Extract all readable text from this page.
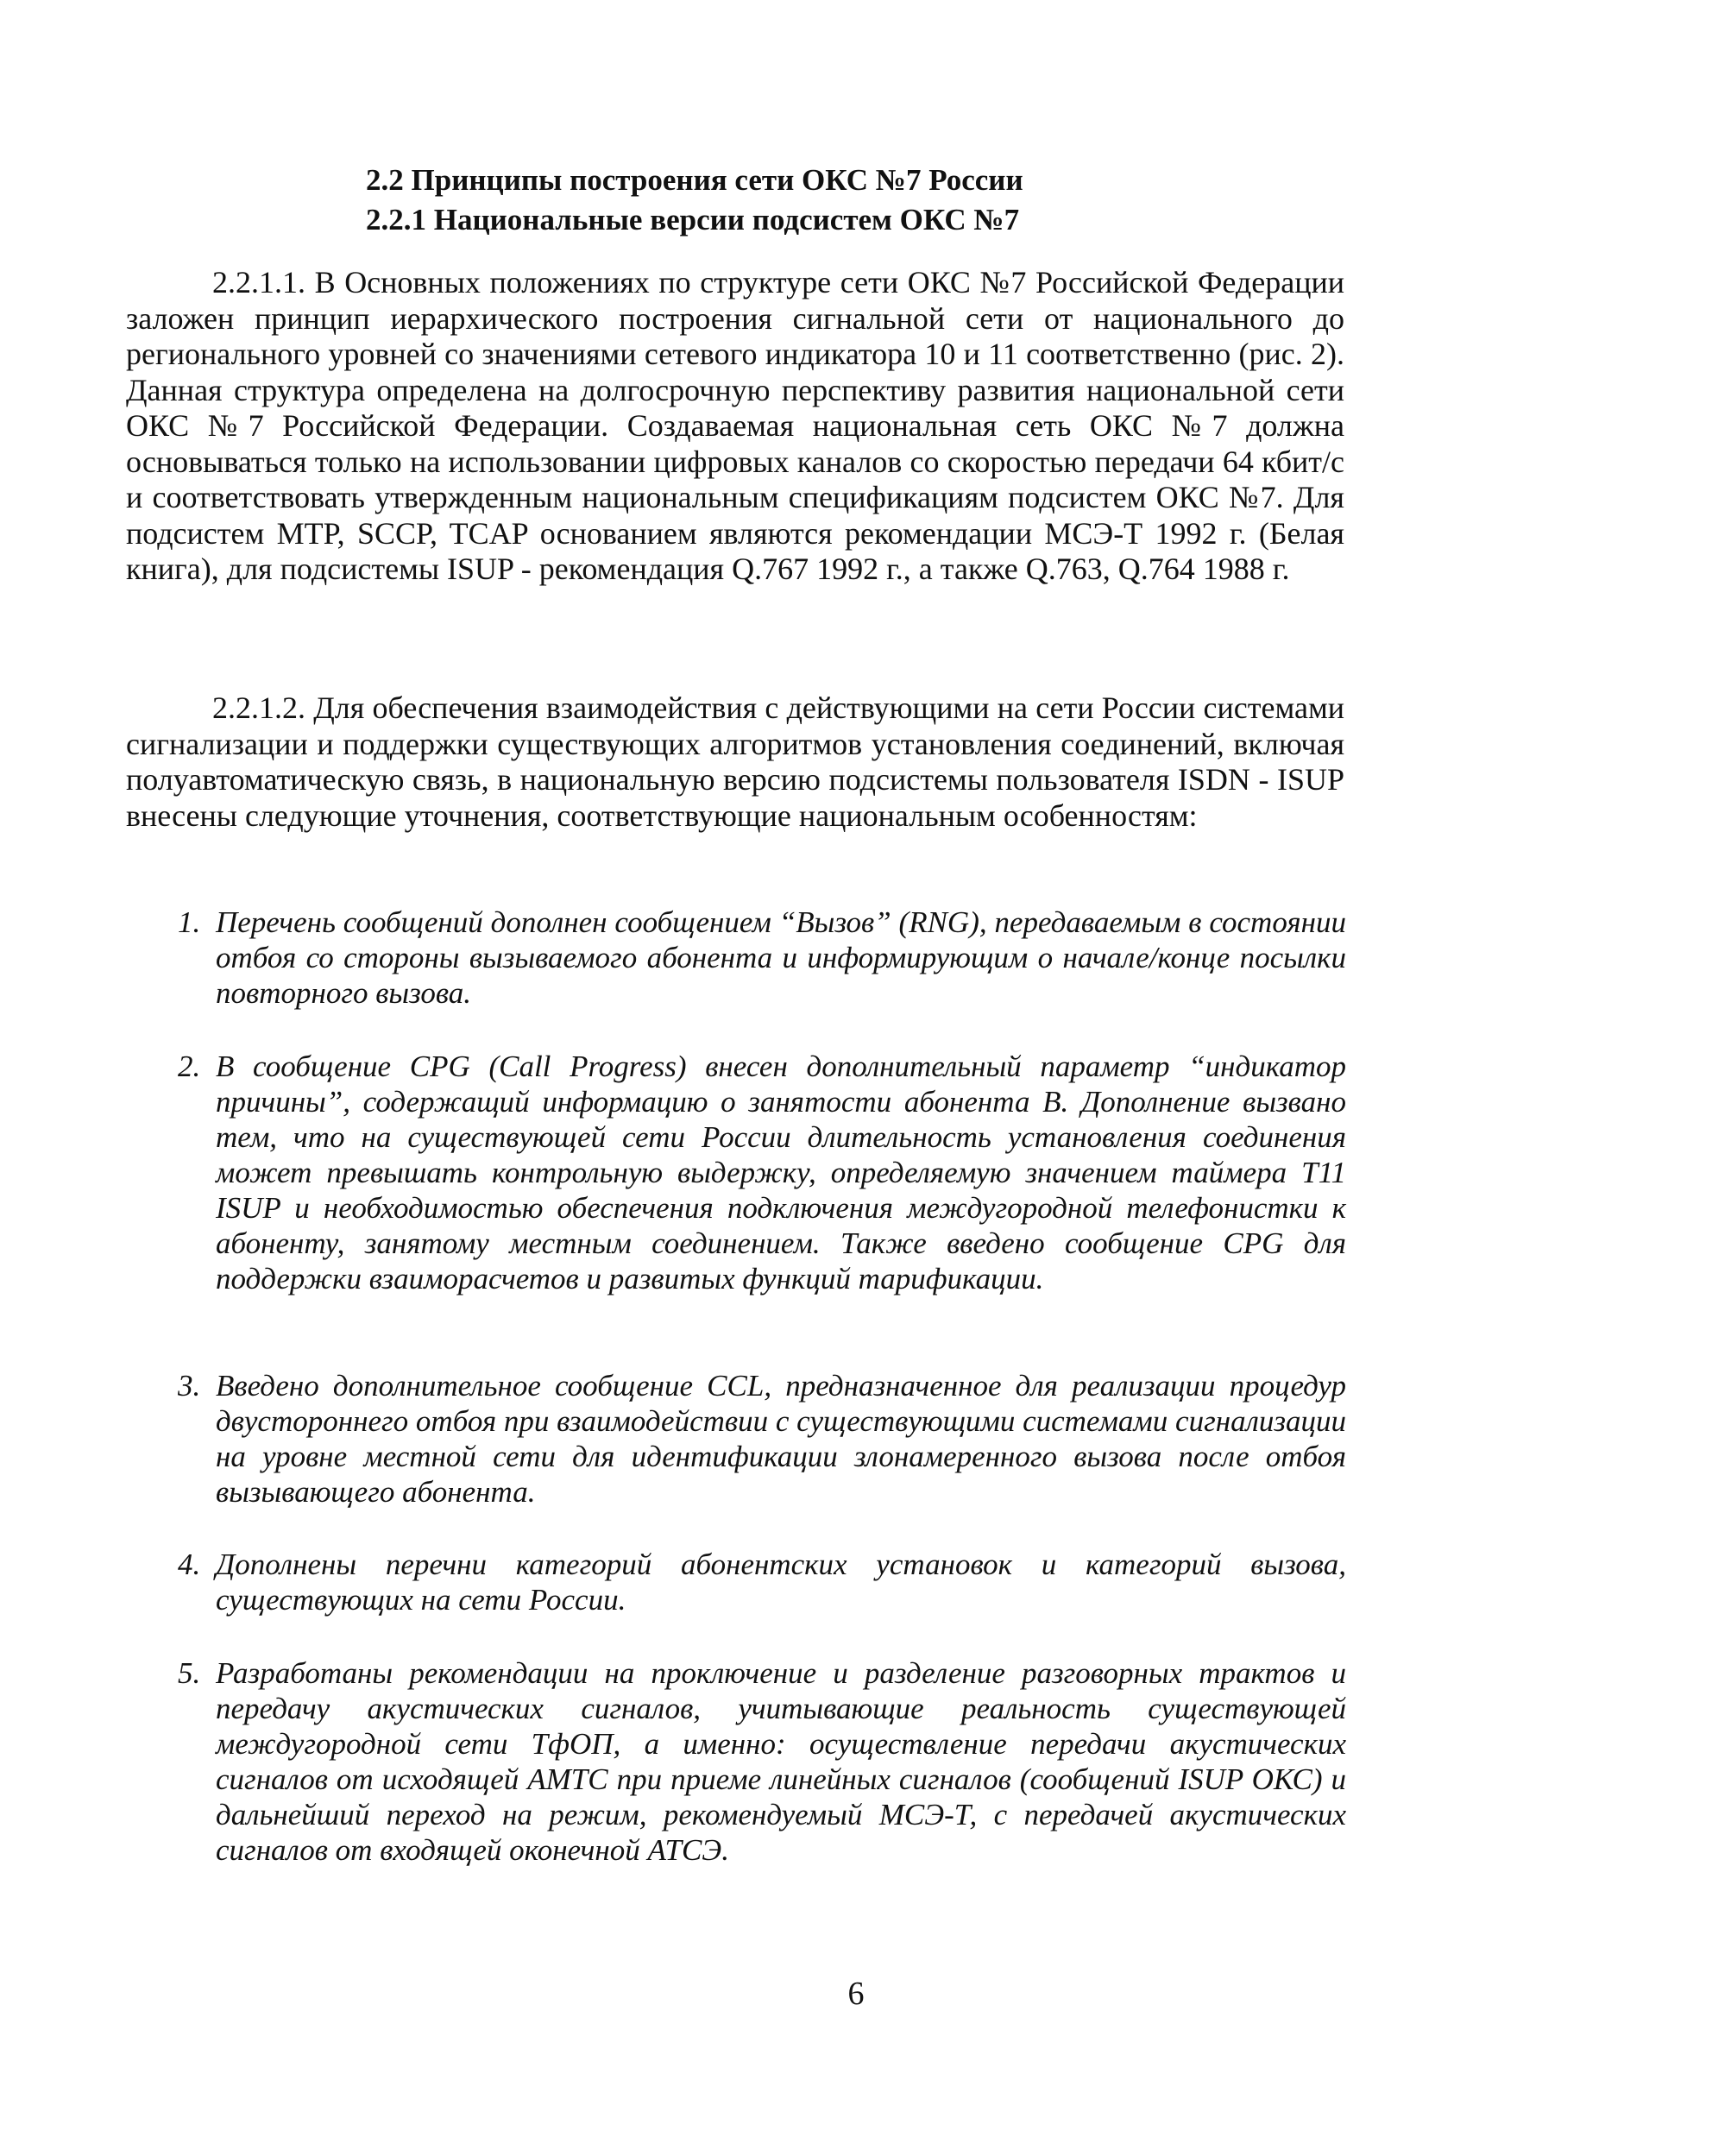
2.2 Принципы построения сети ОКС №7 России

2.2.1 Национальные версии подсистем ОКС №7

2.2.1.1. В Основных положениях по структуре сети ОКС №7 Российской Федерации заложен принцип иерархического построения сигнальной сети от национального до регионального уровней со значениями сетевого индикатора 10 и 11 соответственно (рис. 2). Данная структура определена на долгосрочную перспективу развития национальной сети ОКС №7 Российской Федерации. Создаваемая национальная сеть ОКС №7 должна основываться только на использовании цифровых каналов со скоростью передачи 64 кбит/с и соответствовать утвержденным национальным спецификациям подсистем ОКС №7. Для подсистем MTP, SCCP, TCAP основанием являются рекомендации МСЭ-Т 1992 г. (Белая книга), для подсистемы ISUP - рекомендация Q.767 1992 г., а также Q.763, Q.764 1988 г.

2.2.1.2. Для обеспечения взаимодействия с действующими на сети России системами сигнализации и поддержки существующих алгоритмов установления соединений, включая полуавтоматическую связь, в национальную версию подсистемы пользователя ISDN - ISUP внесены следующие уточнения, соответствующие национальным особенностям:

1. Перечень сообщений дополнен сообщением “Вызов” (RNG), передаваемым в состоянии отбоя со стороны вызываемого абонента и информирующим о начале/конце посылки повторного вызова.
2. В сообщение CPG (Call Progress) внесен дополнительный параметр “индикатор причины”, содержащий информацию о занятости абонента В. Дополнение вызвано тем, что на существующей сети России длительность установления соединения может превышать контрольную выдержку, определяемую значением таймера T11 ISUP и необходимостью обеспечения подключения междугородной телефонистки к абоненту, занятому местным соединением. Также введено сообщение CPG для поддержки взаиморасчетов и развитых функций тарификации.
3. Введено дополнительное сообщение CCL, предназначенное для реализации процедур двустороннего отбоя при взаимодействии с существующими системами сигнализации на уровне местной сети для идентификации злонамеренного вызова после отбоя вызывающего абонента.
4. Дополнены перечни категорий абонентских установок и категорий вызова, существующих на сети России.
5. Разработаны рекомендации на проключение и разделение разговорных трактов и передачу акустических сигналов, учитывающие реальность существующей междугородной сети ТфОП, а именно: осуществление передачи акустических сигналов от исходящей АМТС при приеме линейных сигналов (сообщений ISUP ОКС) и дальнейший переход на режим, рекомендуемый МСЭ-Т, с передачей акустических сигналов от входящей оконечной АТСЭ.

6
